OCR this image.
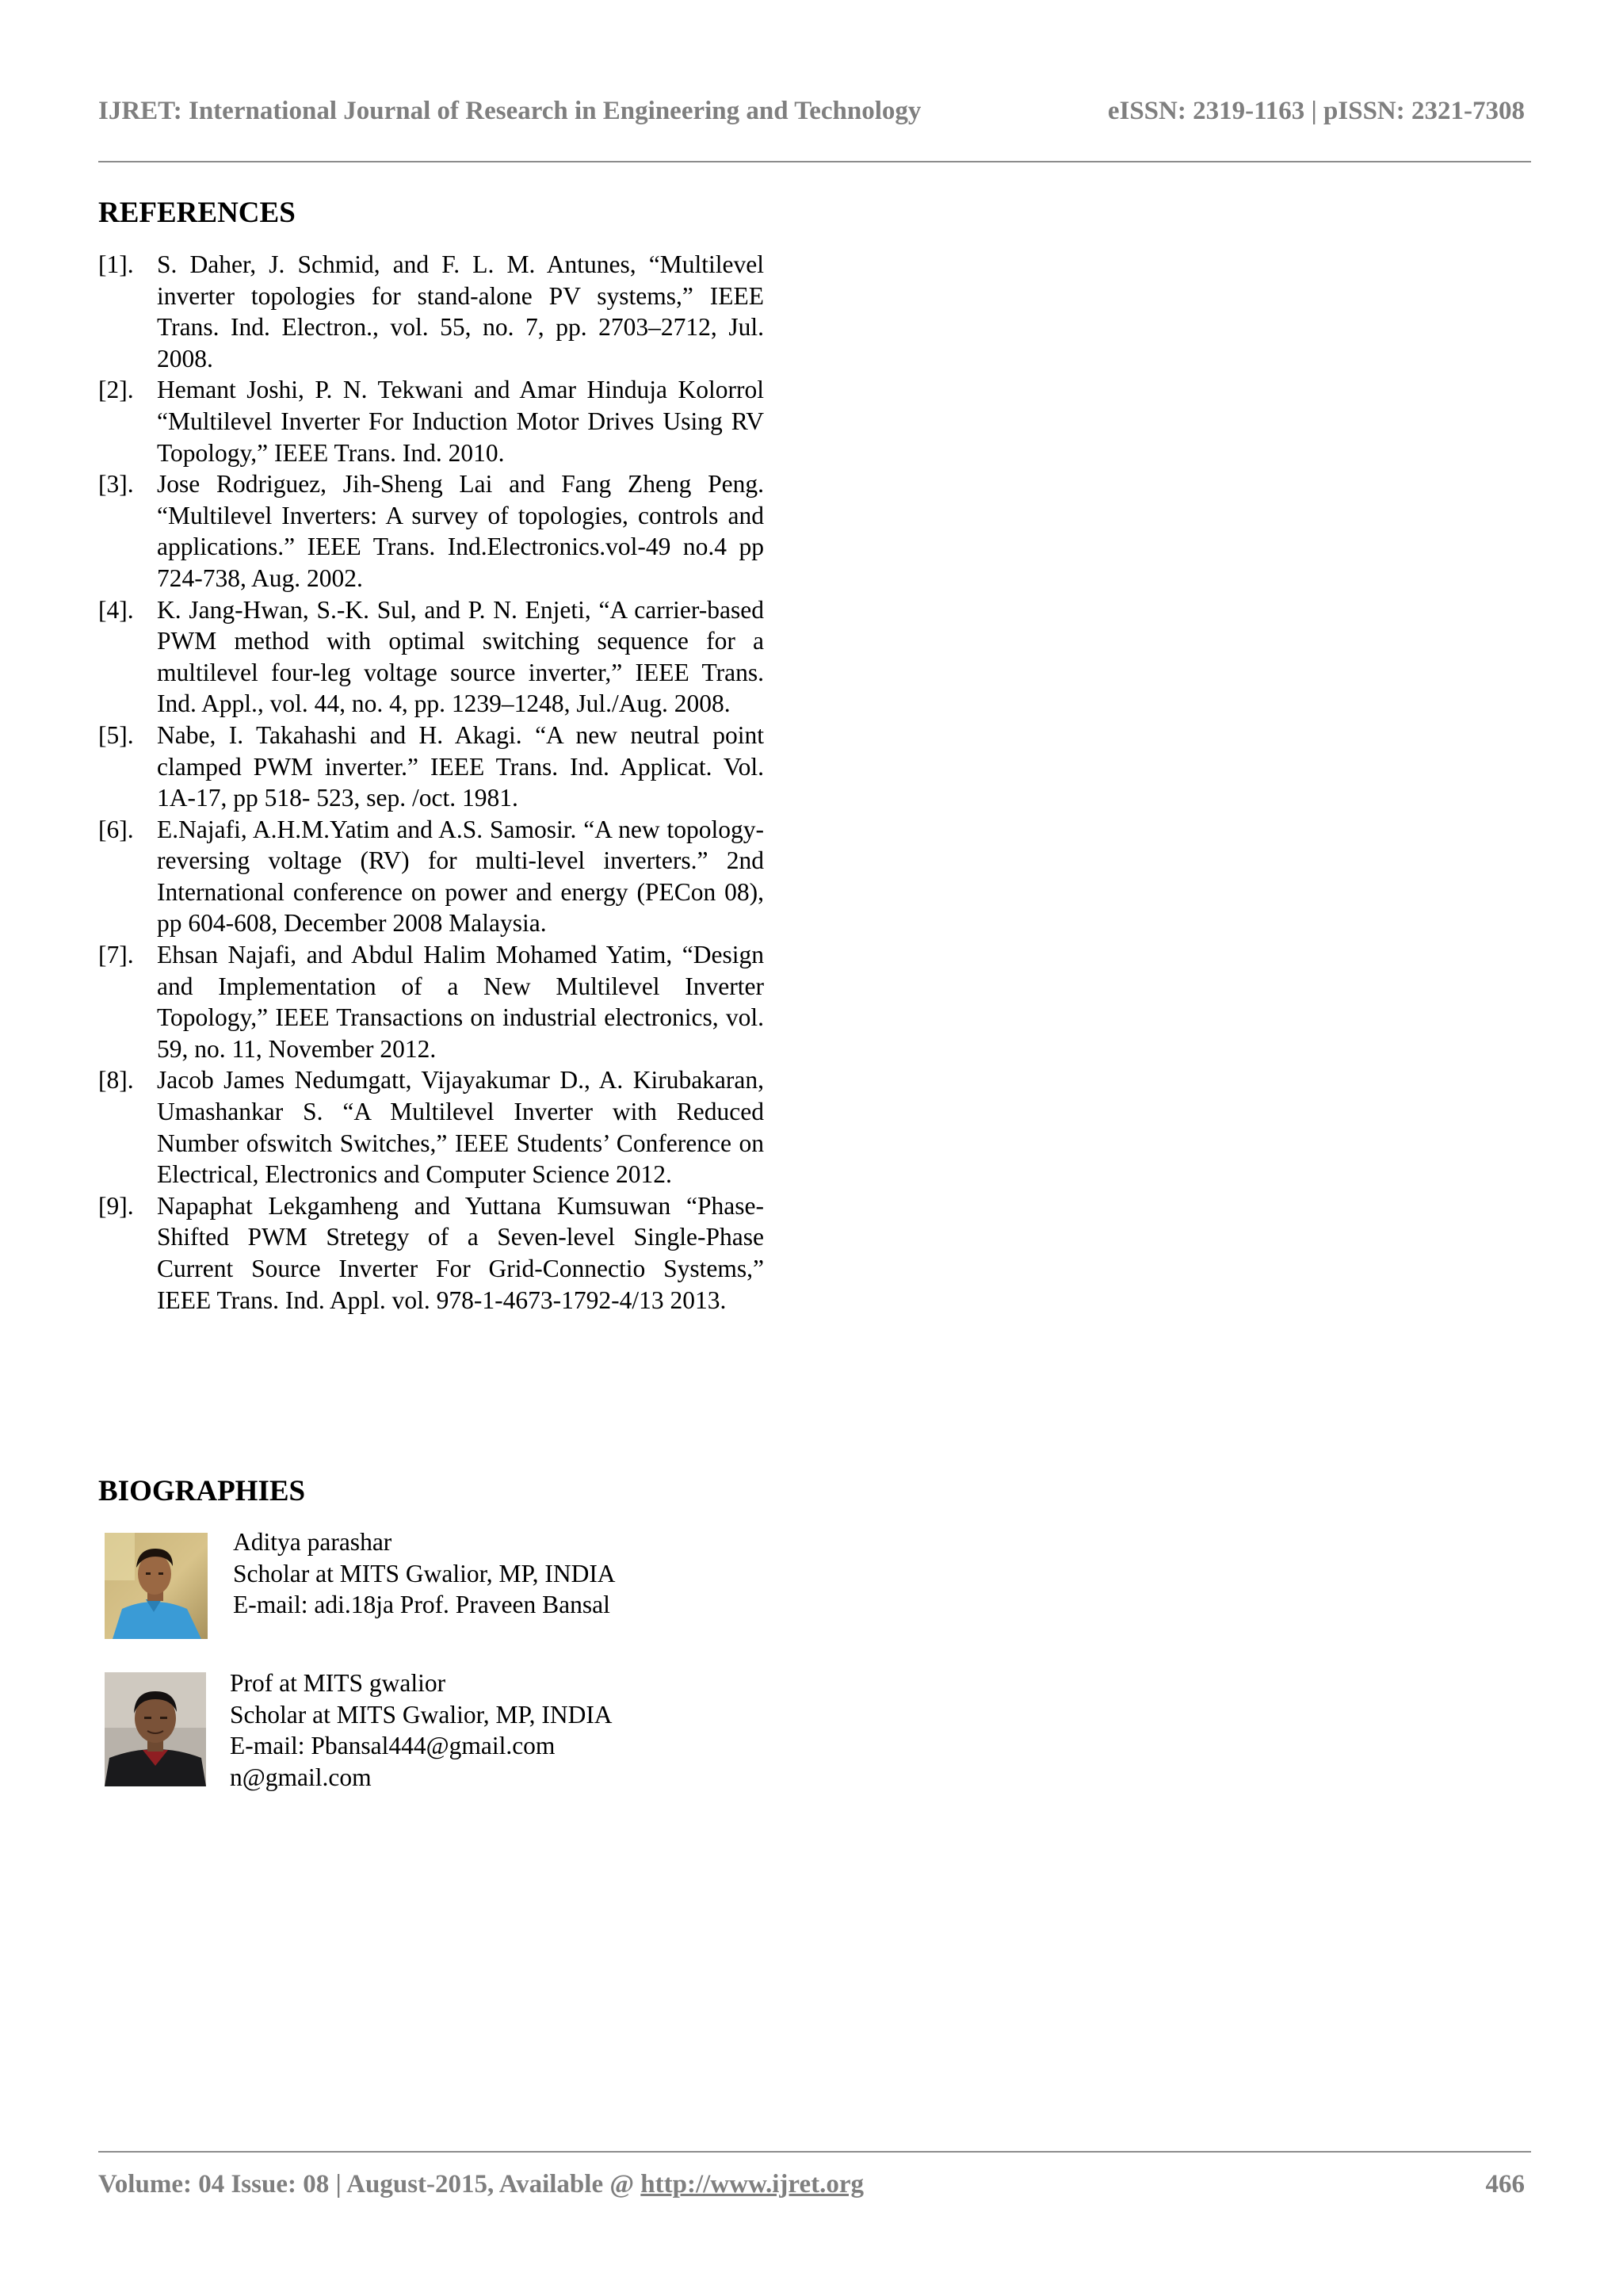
IJRET: International Journal of Research in Engineering and Technology	eISSN: 2319-1163 | pISSN: 2321-7308
REFERENCES
[1]. S. Daher, J. Schmid, and F. L. M. Antunes, “Multilevel inverter topologies for stand-alone PV systems,” IEEE Trans. Ind. Electron., vol. 55, no. 7, pp. 2703–2712, Jul. 2008.
[2]. Hemant Joshi, P. N. Tekwani and Amar Hinduja Kolorrol “Multilevel Inverter For Induction Motor Drives Using RV Topology,” IEEE Trans. Ind. 2010.
[3]. Jose Rodriguez, Jih-Sheng Lai and Fang Zheng Peng. “Multilevel Inverters: A survey of topologies, controls and applications.” IEEE Trans. Ind.Electronics.vol-49 no.4 pp 724-738, Aug. 2002.
[4]. K. Jang-Hwan, S.-K. Sul, and P. N. Enjeti, “A carrier-based PWM method with optimal switching sequence for a multilevel four-leg voltage source inverter,” IEEE Trans. Ind. Appl., vol. 44, no. 4, pp. 1239–1248, Jul./Aug. 2008.
[5]. Nabe, I. Takahashi and H. Akagi. “A new neutral point clamped PWM inverter.” IEEE Trans. Ind. Applicat. Vol. 1A-17, pp 518- 523, sep. /oct. 1981.
[6]. E.Najafi, A.H.M.Yatim and A.S. Samosir. “A new topology-reversing voltage (RV) for multi-level inverters.” 2nd International conference on power and energy (PECon 08), pp 604-608, December 2008 Malaysia.
[7]. Ehsan Najafi, and Abdul Halim Mohamed Yatim, “Design and Implementation of a New Multilevel Inverter Topology,” IEEE Transactions on industrial electronics, vol. 59, no. 11, November 2012.
[8]. Jacob James Nedumgatt, Vijayakumar D., A. Kirubakaran, Umashankar S. “A Multilevel Inverter with Reduced Number ofswitch Switches,” IEEE Students’ Conference on Electrical, Electronics and Computer Science 2012.
[9]. Napaphat Lekgamheng and Yuttana Kumsuwan “Phase-Shifted PWM Stretegy of a Seven-level Single-Phase Current Source Inverter For Grid-Connectio Systems,” IEEE Trans. Ind. Appl. vol. 978-1-4673-1792-4/13 2013.
BIOGRAPHIES
Aditya parashar
Scholar at MITS Gwalior, MP, INDIA
E-mail: adi.18ja Prof. Praveen Bansal
Prof at MITS gwalior
Scholar at MITS Gwalior, MP, INDIA
E-mail: Pbansal444@gmail.com
n@gmail.com
Volume: 04 Issue: 08 | August-2015, Available @ http://www.ijret.org	466
